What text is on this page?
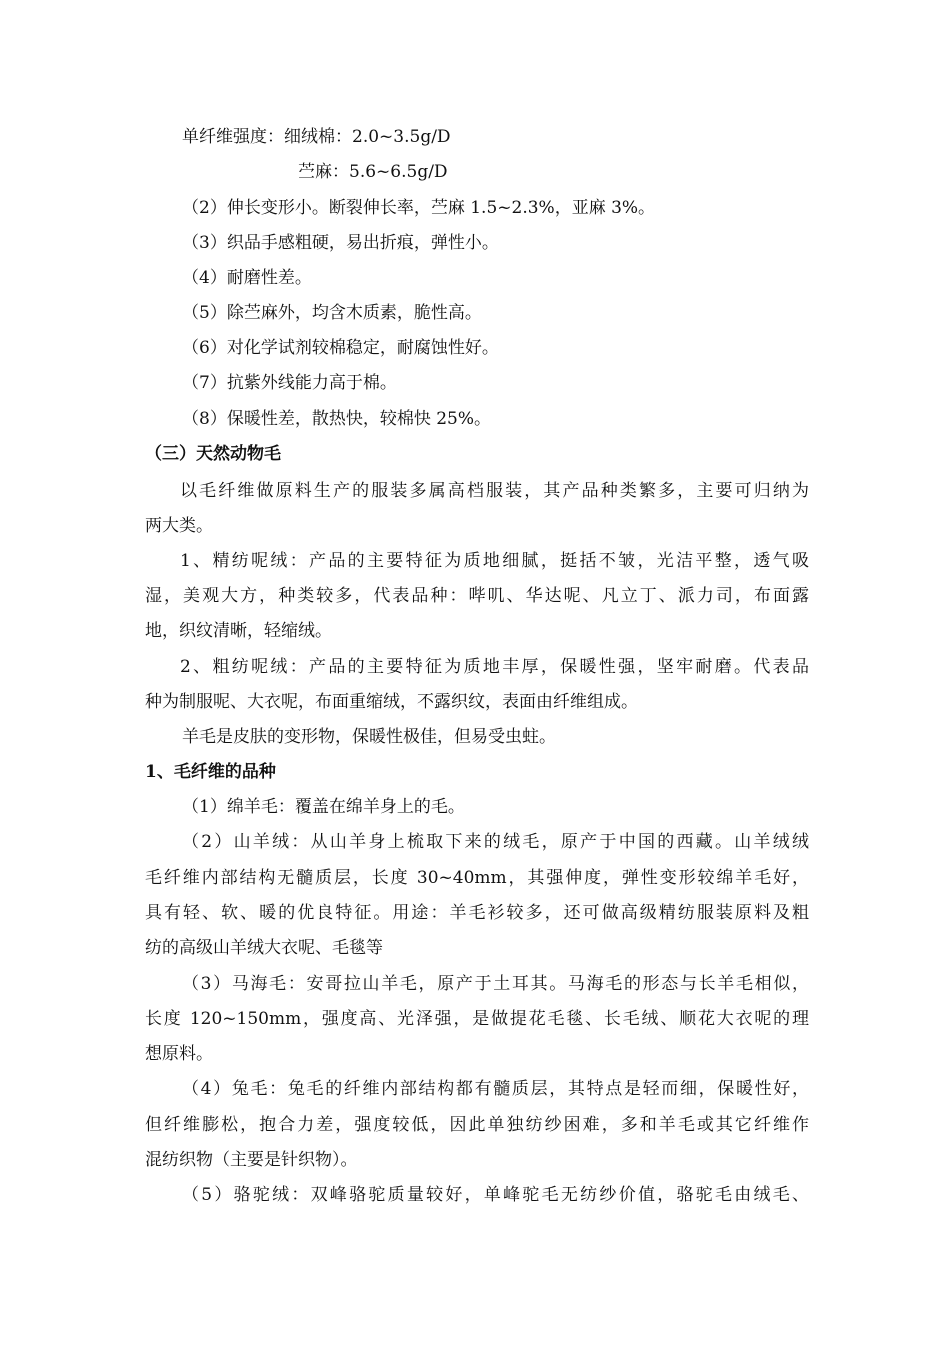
单纤维强度：细绒棉：2.0~3.5g/D
苎麻：5.6~6.5g/D
（2）伸长变形小。断裂伸长率，苎麻 1.5~2.3%，亚麻 3%。
（3）织品手感粗硬，易出折痕，弹性小。
（4）耐磨性差。
（5）除苎麻外，均含木质素，脆性高。
（6）对化学试剂较棉稳定，耐腐蚀性好。
（7）抗紫外线能力高于棉。
（8）保暖性差，散热快，较棉快 25%。
（三）天然动物毛
以毛纤维做原料生产的服装多属高档服装，其产品种类繁多，主要可归纳为
两大类。
1、精纺呢绒：产品的主要特征为质地细腻，挺括不皱，光洁平整，透气吸
湿，美观大方，种类较多，代表品种：哔叽、华达呢、凡立丁、派力司，布面露
地，织纹清晰，轻缩绒。
2、粗纺呢绒：产品的主要特征为质地丰厚，保暖性强，坚牢耐磨。代表品
种为制服呢、大衣呢，布面重缩绒，不露织纹，表面由纤维组成。
羊毛是皮肤的变形物，保暖性极佳，但易受虫蛀。
1、毛纤维的品种
（1）绵羊毛：覆盖在绵羊身上的毛。
（2）山羊绒：从山羊身上梳取下来的绒毛，原产于中国的西藏。山羊绒绒
毛纤维内部结构无髓质层，长度 30~40mm，其强伸度，弹性变形较绵羊毛好，
具有轻、软、暖的优良特征。用途：羊毛衫较多，还可做高级精纺服装原料及粗
纺的高级山羊绒大衣呢、毛毯等
（3）马海毛：安哥拉山羊毛，原产于土耳其。马海毛的形态与长羊毛相似，
长度 120~150mm，强度高、光泽强，是做提花毛毯、长毛绒、顺花大衣呢的理
想原料。
（4）兔毛：兔毛的纤维内部结构都有髓质层，其特点是轻而细，保暖性好，
但纤维膨松，抱合力差，强度较低，因此单独纺纱困难，多和羊毛或其它纤维作
混纺织物（主要是针织物）。
（5）骆驼绒：双峰骆驼质量较好，单峰驼毛无纺纱价值，骆驼毛由绒毛、
